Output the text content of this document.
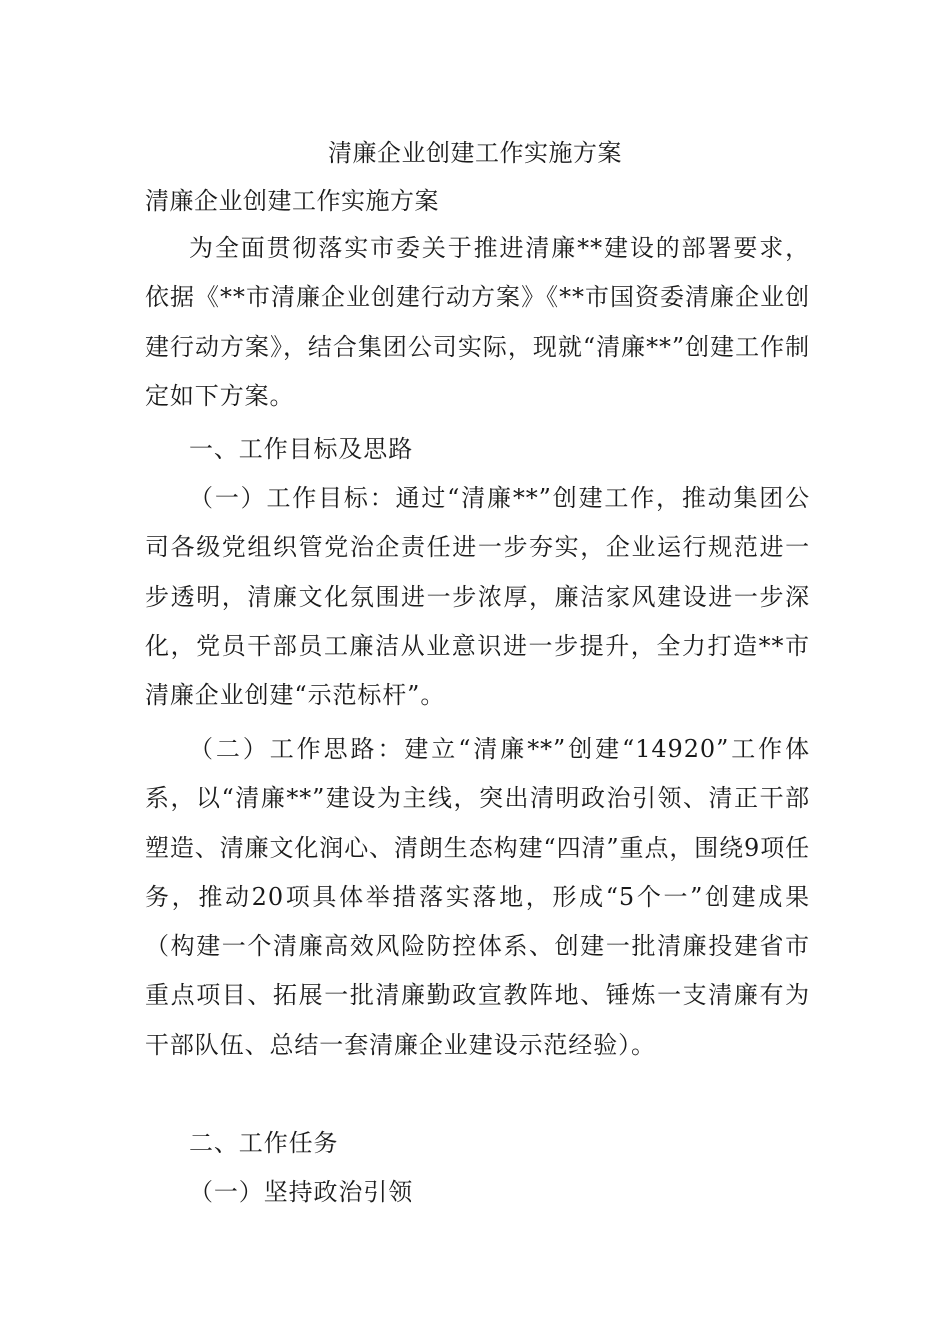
清廉企业创建工作实施方案
清廉企业创建工作实施方案

为全面贯彻落实市委关于推进清廉**建设的部署要求，依据《**市清廉企业创建行动方案》《**市国资委清廉企业创建行动方案》，结合集团公司实际，现就“清廉**”创建工作制定如下方案。

一、工作目标及思路

（一）工作目标：通过“清廉**”创建工作，推动集团公司各级党组织管党治企责任进一步夯实，企业运行规范进一步透明，清廉文化氛围进一步浓厚，廉洁家风建设进一步深化，党员干部员工廉洁从业意识进一步提升，全力打造**市清廉企业创建“示范标杆”。

（二）工作思路：建立“清廉**”创建“14920”工作体系，以“清廉**”建设为主线，突出清明政治引领、清正干部塑造、清廉文化润心、清朗生态构建“四清”重点，围绕9项任务，推动20项具体举措落实落地，形成“5个一”创建成果（构建一个清廉高效风险防控体系、创建一批清廉投建省市重点项目、拓展一批清廉勤政宣教阵地、锤炼一支清廉有为干部队伍、总结一套清廉企业建设示范经验）。

二、工作任务
（一）坚持政治引领
